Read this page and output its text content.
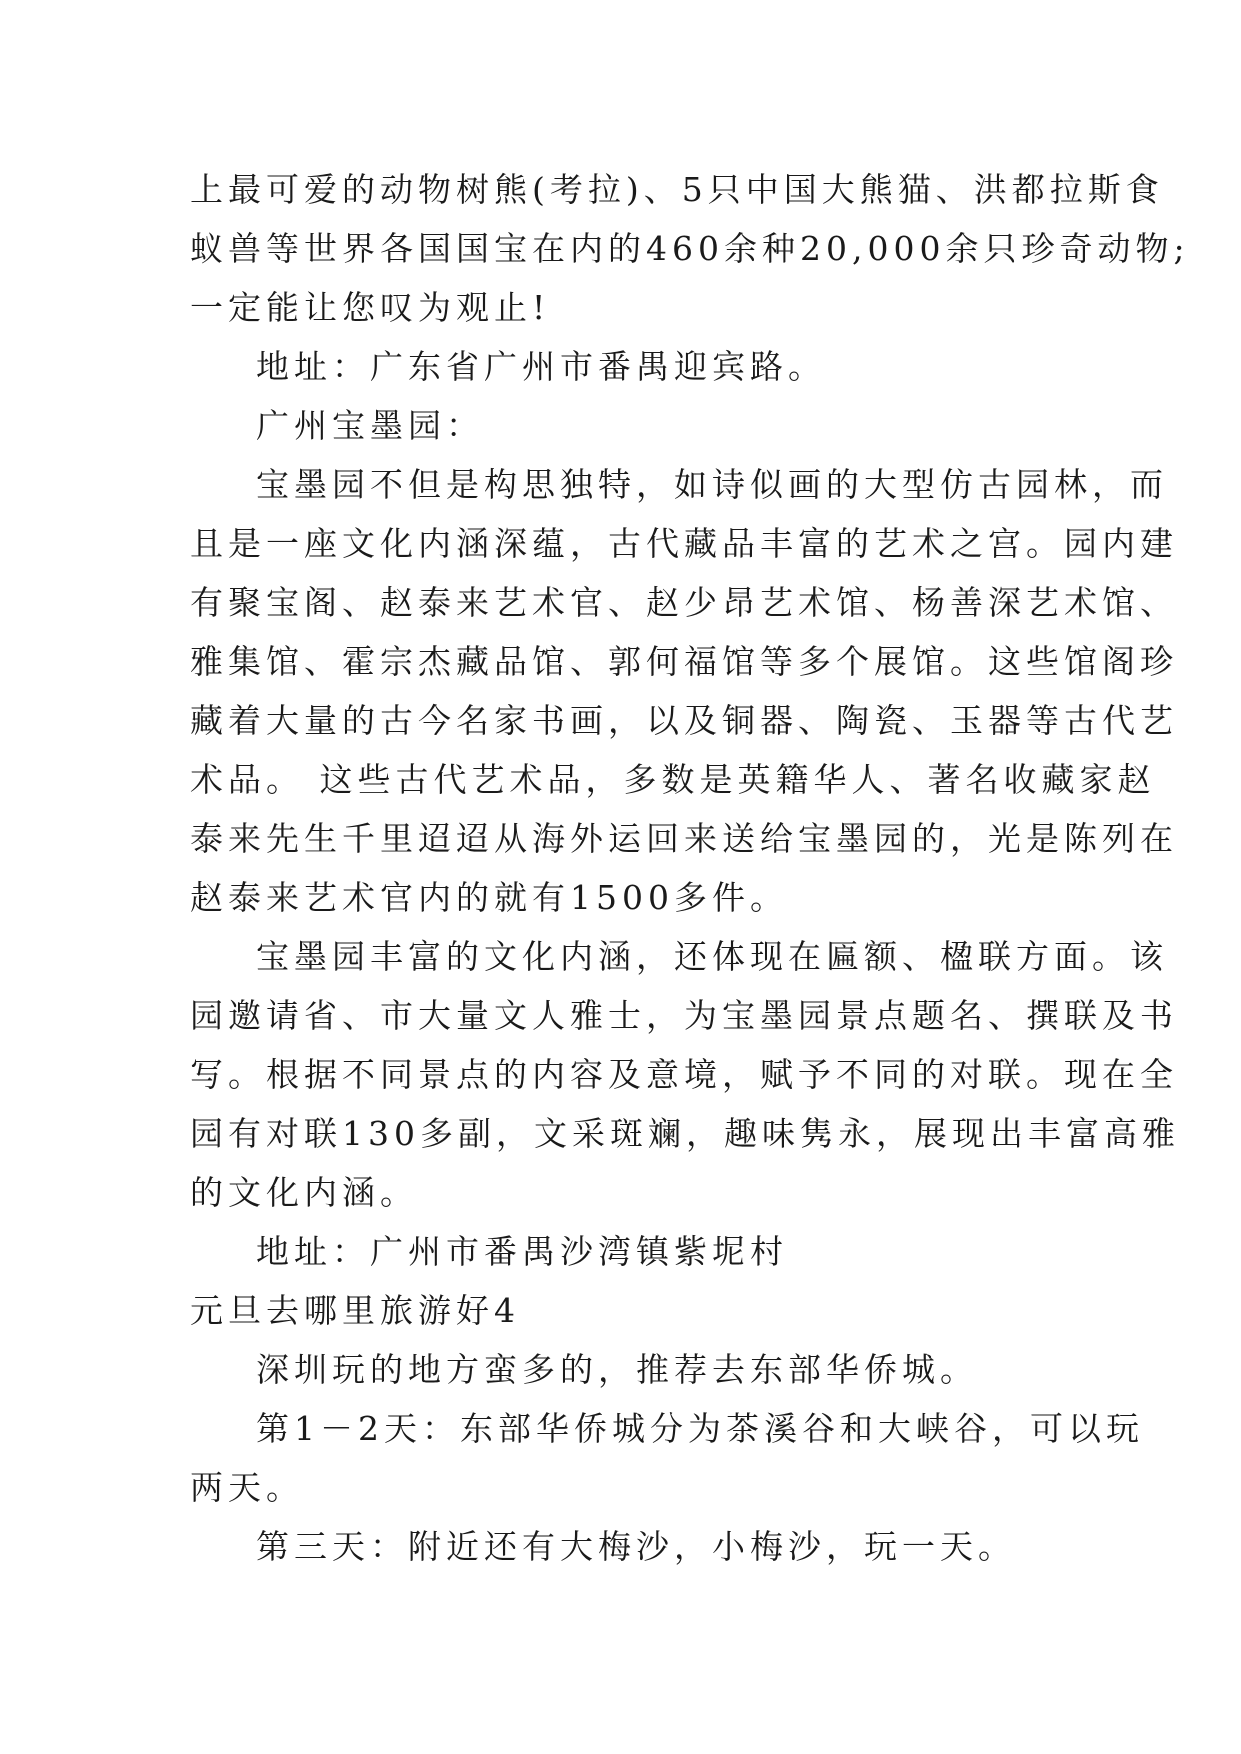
上最可爱的动物树熊(考拉)、5只中国大熊猫、洪都拉斯食

蚁兽等世界各国国宝在内的460余种20,000余只珍奇动物;

一定能让您叹为观止!

地址：广东省广州市番禺迎宾路。

广州宝墨园：

宝墨园不但是构思独特，如诗似画的大型仿古园林，而

且是一座文化内涵深蕴，古代藏品丰富的艺术之宫。园内建

有聚宝阁、赵泰来艺术官、赵少昂艺术馆、杨善深艺术馆、

雅集馆、霍宗杰藏品馆、郭何福馆等多个展馆。这些馆阁珍

藏着大量的古今名家书画，以及铜器、陶瓷、玉器等古代艺

术品。 这些古代艺术品，多数是英籍华人、著名收藏家赵

泰来先生千里迢迢从海外运回来送给宝墨园的，光是陈列在

赵泰来艺术官内的就有1500多件。

宝墨园丰富的文化内涵，还体现在匾额、楹联方面。该

园邀请省、市大量文人雅士，为宝墨园景点题名、撰联及书

写。根据不同景点的内容及意境，赋予不同的对联。现在全

园有对联130多副，文采斑斓，趣味隽永，展现出丰富高雅

的文化内涵。

地址：广州市番禺沙湾镇紫坭村

元旦去哪里旅游好4

深圳玩的地方蛮多的，推荐去东部华侨城。

第1－2天：东部华侨城分为茶溪谷和大峡谷，可以玩

两天。

第三天：附近还有大梅沙，小梅沙，玩一天。
